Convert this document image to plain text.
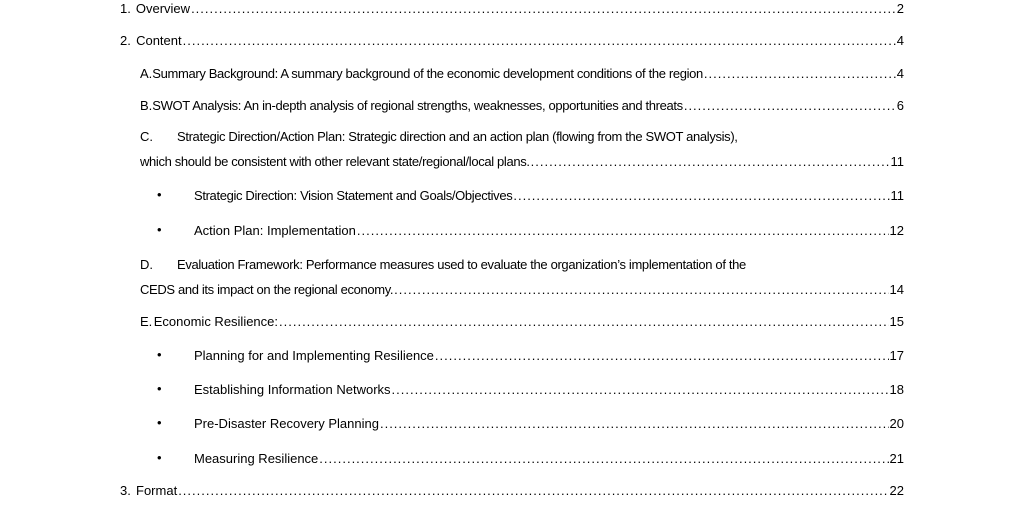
1. Overview .....	2
2. Content .....	4
A. Summary Background: A summary background of the economic development conditions of the region .....	4
B. SWOT Analysis: An in-depth analysis of regional strengths, weaknesses, opportunities and threats .....	6
C. Strategic Direction/Action Plan: Strategic direction and an action plan (flowing from the SWOT analysis),
which should be consistent with other relevant state/regional/local plans. .....	11
• Strategic Direction: Vision Statement and Goals/Objectives .....	11
• Action Plan: Implementation .....	12
D. Evaluation Framework: Performance measures used to evaluate the organization’s implementation of the
CEDS and its impact on the regional economy. .....	14
E. Economic Resilience: .....	15
• Planning for and Implementing Resilience .....	17
• Establishing Information Networks .....	18
• Pre-Disaster Recovery Planning .....	20
• Measuring Resilience .....	21
3. Format .....	22
